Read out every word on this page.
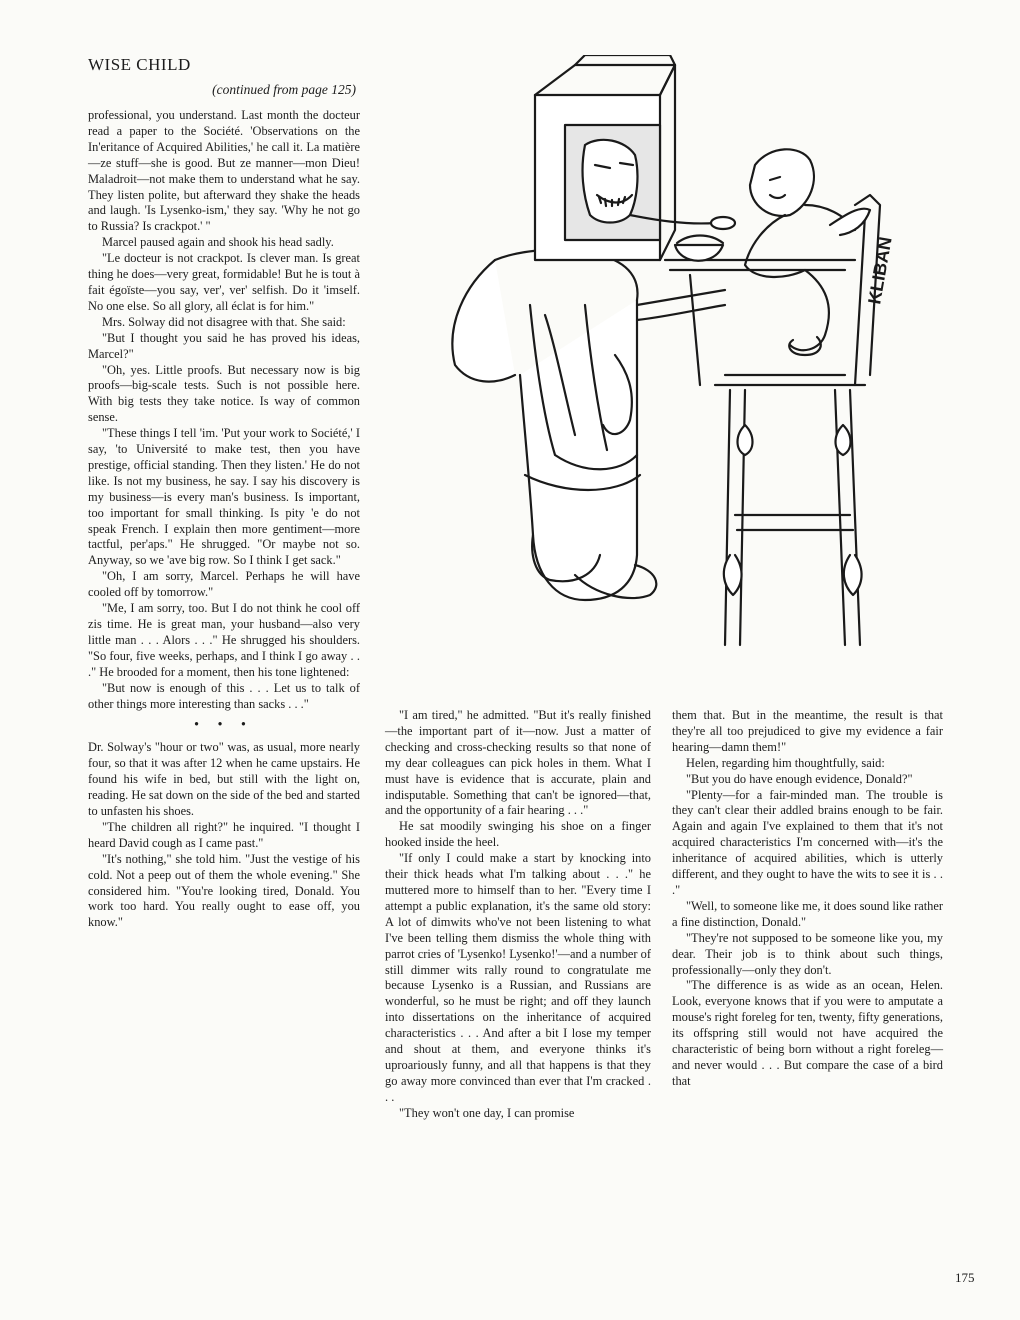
WISE CHILD
(continued from page 125)
KLIBAN

professional, you understand. Last month the docteur read a paper to the Société. 'Observations on the In'eritance of Acquired Abilities,' he call it. La matière—ze stuff—she is good. But ze manner—mon Dieu! Maladroit—not make them to understand what he say. They listen polite, but afterward they shake the heads and laugh. 'Is Lysenko-ism,' they say. 'Why he not go to Russia? Is crackpot.' "

Marcel paused again and shook his head sadly.

"Le docteur is not crackpot. Is clever man. Is great thing he does—very great, formidable! But he is tout à fait égoïste—you say, ver', ver' selfish. Do it 'imself. No one else. So all glory, all éclat is for him."

Mrs. Solway did not disagree with that. She said:

"But I thought you said he has proved his ideas, Marcel?"

"Oh, yes. Little proofs. But necessary now is big proofs—big-scale tests. Such is not possible here. With big tests they take notice. Is way of common sense.

"These things I tell 'im. 'Put your work to Société,' I say, 'to Université to make test, then you have prestige, official standing. Then they listen.' He do not like. Is not my business, he say. I say his discovery is my business—is every man's business. Is important, too important for small thinking. Is pity 'e do not speak French. I explain then more gentiment—more tactful, per'aps." He shrugged. "Or maybe not so. Anyway, so we 'ave big row. So I think I get sack."

"Oh, I am sorry, Marcel. Perhaps he will have cooled off by tomorrow."

"Me, I am sorry, too. But I do not think he cool off zis time. He is great man, your husband—also very little man . . . Alors . . ." He shrugged his shoulders. "So four, five weeks, perhaps, and I think I go away . . ." He brooded for a moment, then his tone lightened:

"But now is enough of this . . . Let us to talk of other things more interesting than sacks . . ."

• • •

Dr. Solway's "hour or two" was, as usual, more nearly four, so that it was after 12 when he came upstairs. He found his wife in bed, but still with the light on, reading. He sat down on the side of the bed and started to unfasten his shoes.

"The children all right?" he inquired. "I thought I heard David cough as I came past."

"It's nothing," she told him. "Just the vestige of his cold. Not a peep out of them the whole evening." She considered him. "You're looking tired, Donald. You work too hard. You really ought to ease off, you know."

"I am tired," he admitted. "But it's really finished—the important part of it—now. Just a matter of checking and cross-checking results so that none of my dear colleagues can pick holes in them. What I must have is evidence that is accurate, plain and indisputable. Something that can't be ignored—that, and the opportunity of a fair hearing . . ."

He sat moodily swinging his shoe on a finger hooked inside the heel.

"If only I could make a start by knocking into their thick heads what I'm talking about . . ." he muttered more to himself than to her. "Every time I attempt a public explanation, it's the same old story: A lot of dimwits who've not been listening to what I've been telling them dismiss the whole thing with parrot cries of 'Lysenko! Lysenko!'—and a number of still dimmer wits rally round to congratulate me because Lysenko is a Russian, and Russians are wonderful, so he must be right; and off they launch into dissertations on the inheritance of acquired characteristics . . . And after a bit I lose my temper and shout at them, and everyone thinks it's uproariously funny, and all that happens is that they go away more convinced than ever that I'm cracked . . .

"They won't one day, I can promise

them that. But in the meantime, the result is that they're all too prejudiced to give my evidence a fair hearing—damn them!"

Helen, regarding him thoughtfully, said:

"But you do have enough evidence, Donald?"

"Plenty—for a fair-minded man. The trouble is they can't clear their addled brains enough to be fair. Again and again I've explained to them that it's not acquired characteristics I'm concerned with—it's the inheritance of acquired abilities, which is utterly different, and they ought to have the wits to see it is . . ."

"Well, to someone like me, it does sound like rather a fine distinction, Donald."

"They're not supposed to be someone like you, my dear. Their job is to think about such things, professionally—only they don't.

"The difference is as wide as an ocean, Helen. Look, everyone knows that if you were to amputate a mouse's right foreleg for ten, twenty, fifty generations, its offspring still would not have acquired the characteristic of being born without a right foreleg—and never would . . . But compare the case of a bird that

175
